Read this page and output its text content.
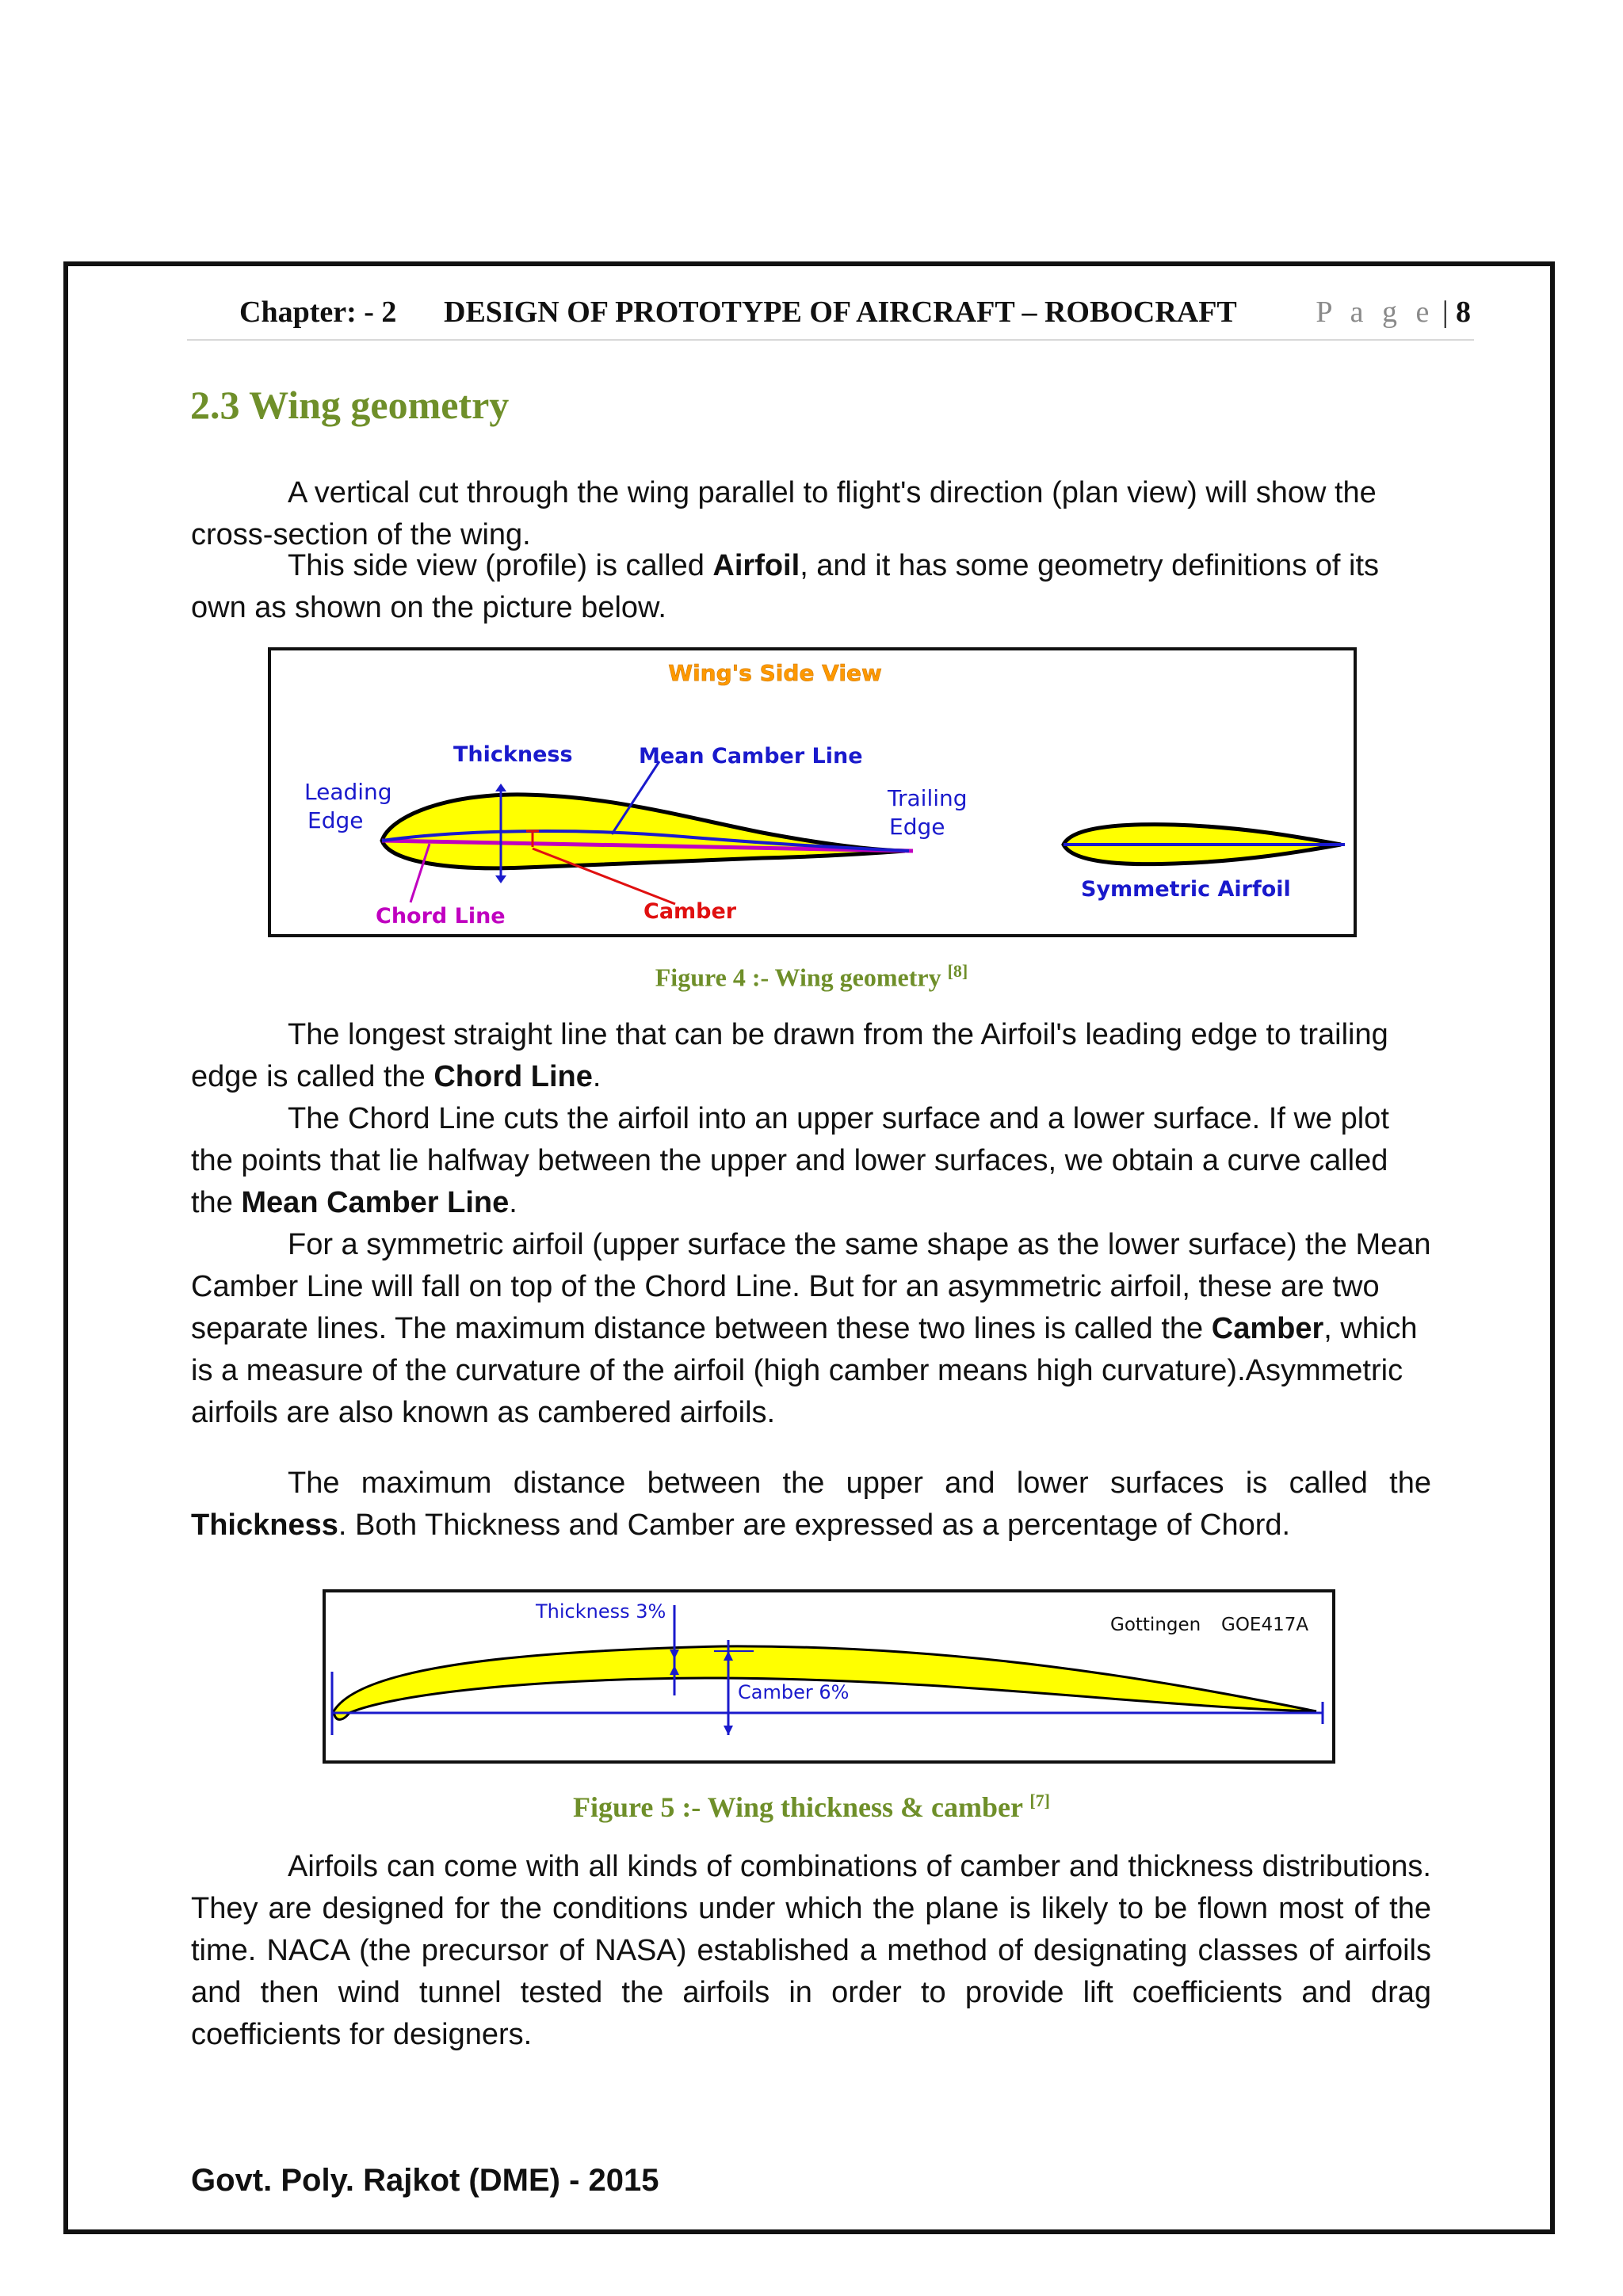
Chapter: - 2 DESIGN OF PROTOTYPE OF AIRCRAFT – ROBOCRAFT	P a g e | 8
2.3 Wing geometry

A vertical cut through the wing parallel to flight's direction (plan view) will show the cross-section of the wing.

This side view (profile) is called Airfoil, and it has some geometry definitions of its own as shown on the picture below.

Wing's Side View
Thickness	Mean Camber Line
Leading
Edge
Trailing
Edge
Chord Line	Camber
Symmetric Airfoil
Figure 4 :- Wing geometry [8]

The longest straight line that can be drawn from the Airfoil's leading edge to trailing edge is called the Chord Line.

The Chord Line cuts the airfoil into an upper surface and a lower surface. If we plot the points that lie halfway between the upper and lower surfaces, we obtain a curve called the Mean Camber Line.

For a symmetric airfoil (upper surface the same shape as the lower surface) the Mean Camber Line will fall on top of the Chord Line. But for an asymmetric airfoil, these are two separate lines. The maximum distance between these two lines is called the Camber, which is a measure of the curvature of the airfoil (high camber means high curvature).Asymmetric airfoils are also known as cambered airfoils.

The maximum distance between the upper and lower surfaces is called the Thickness. Both Thickness and Camber are expressed as a percentage of Chord.

Thickness 3%
Gottingen GOE417A
Camber 6%
Figure 5 :- Wing thickness & camber [7]

Airfoils can come with all kinds of combinations of camber and thickness distributions. They are designed for the conditions under which the plane is likely to be flown most of the time. NACA (the precursor of NASA) established a method of designating classes of airfoils and then wind tunnel tested the airfoils in order to provide lift coefficients and drag coefficients for designers.

Govt. Poly. Rajkot (DME) - 2015
